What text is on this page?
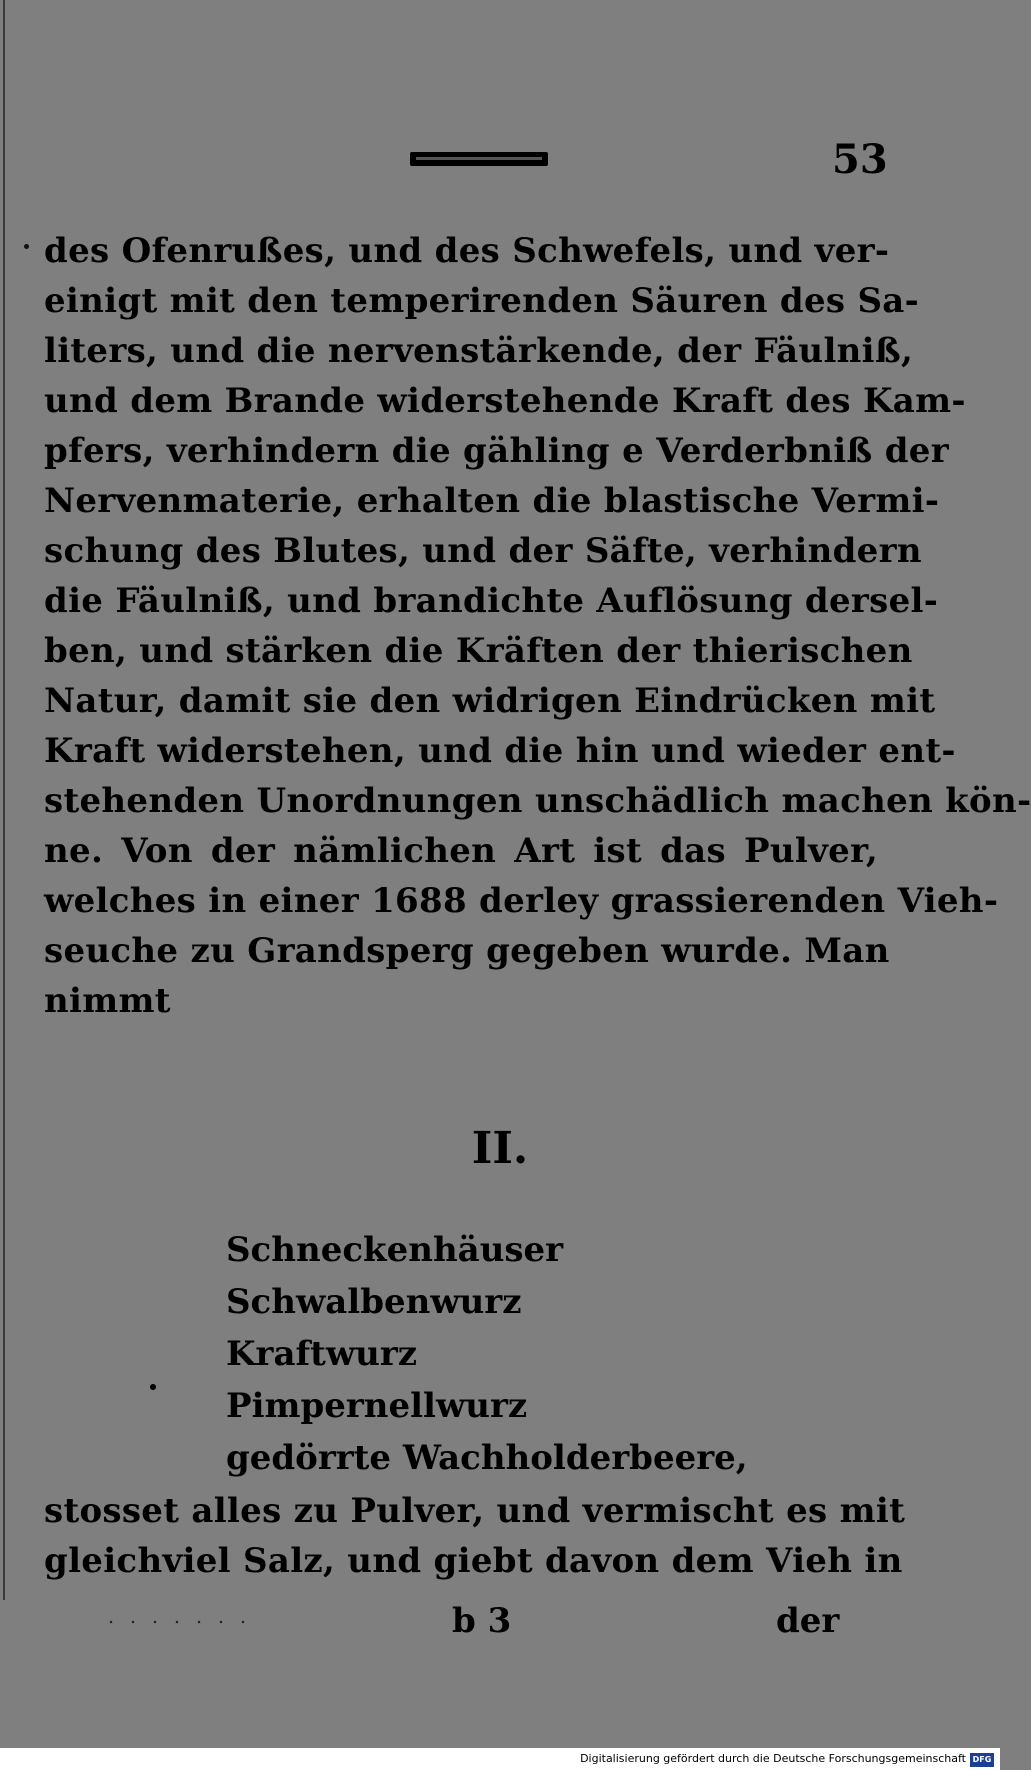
53
des Ofenrußes, und des Schwefels, und ver-
einigt mit den temperirenden Säuren des Sa-
liters, und die nervenstärkende, der Fäulniß,
und dem Brande widerstehende Kraft des Kam-
pfers, verhindern die gähling e Verderbniß der
Nervenmaterie, erhalten die blastische Vermi-
schung des Blutes, und der Säfte, verhindern
die Fäulniß, und brandichte Auflösung dersel-
ben, und stärken die Kräften der thierischen
Natur, damit sie den widrigen Eindrücken mit
Kraft widerstehen, und die hin und wieder ent-
stehenden Unordnungen unschädlich machen kön-
ne. Von der nämlichen Art ist das Pulver,
welches in einer 1688 derley grassierenden Vieh-
seuche zu Grandsperg gegeben wurde. Man
nimmt
II.
Schneckenhäuser
Schwalbenwurz
Kraftwurz
Pimpernellwurz
gedörrte Wachholderbeere,
stosset alles zu Pulver, und vermischt es mit
gleichviel Salz, und giebt davon dem Vieh in
b 3	der
Digitalisierung gefördert durch die Deutsche Forschungsgemeinschaft DFG
